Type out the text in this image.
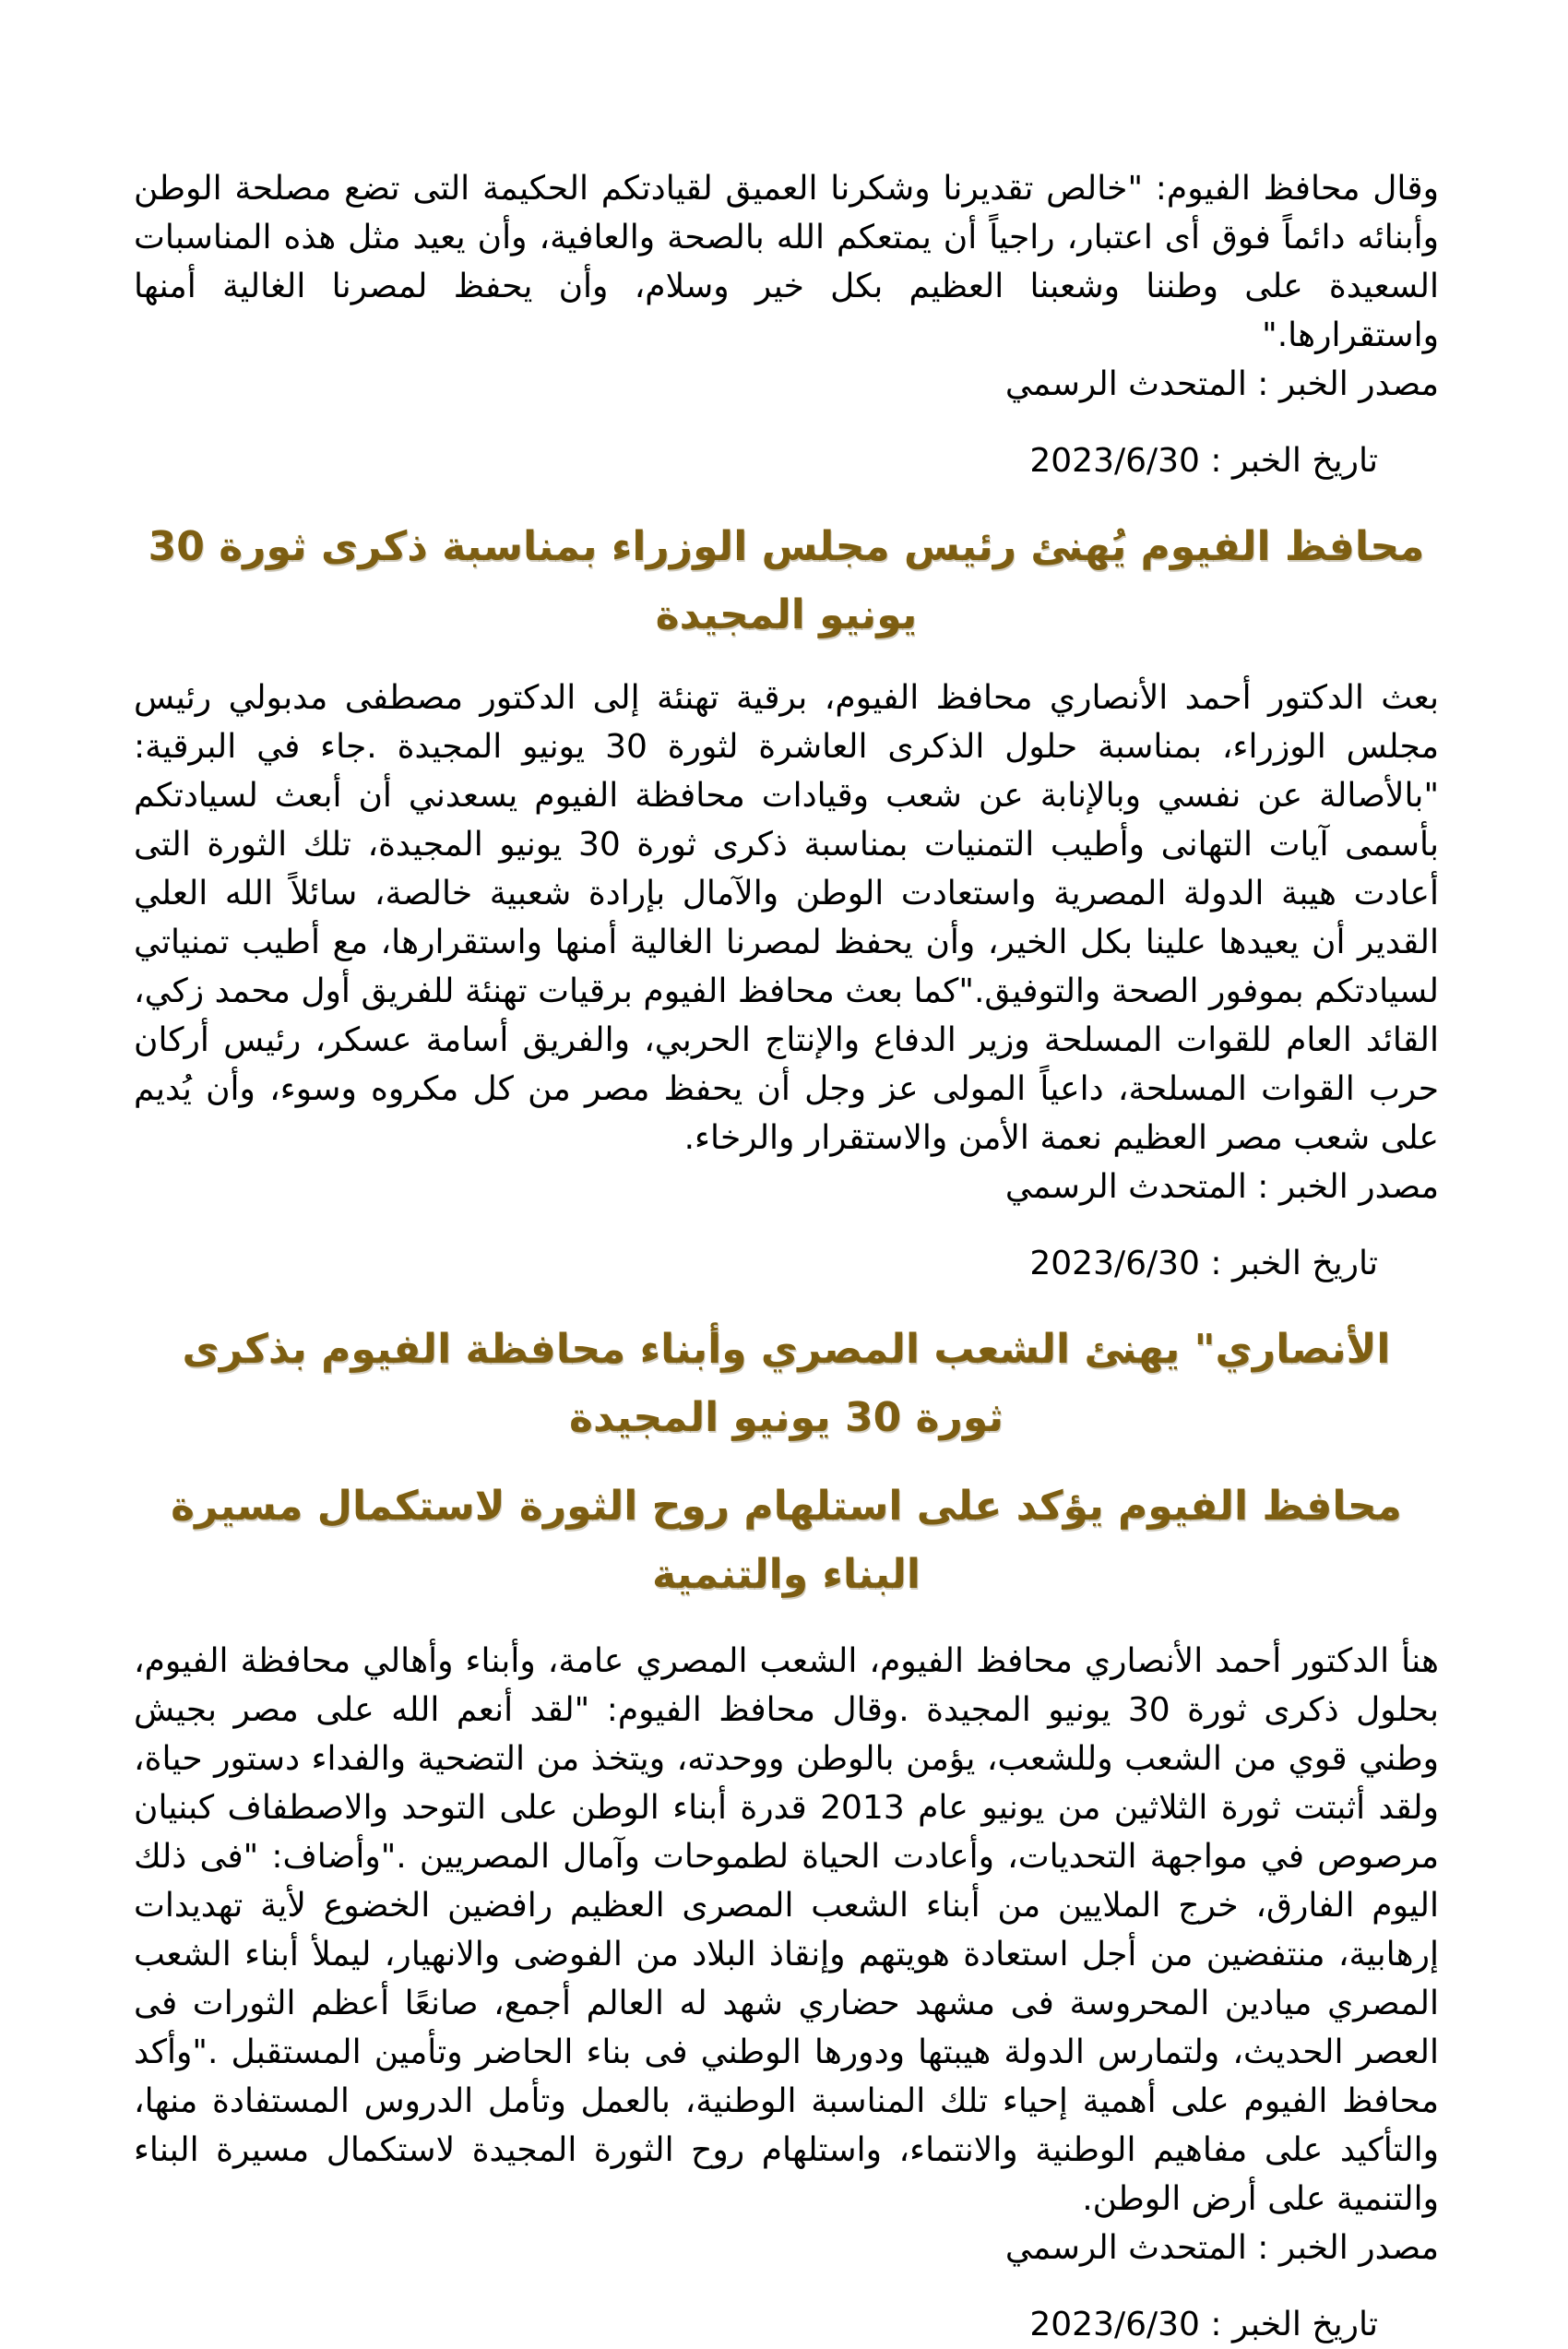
وقال محافظ الفيوم: "خالص تقديرنا وشكرنا العميق لقيادتكم الحكيمة التى تضع مصلحة الوطن وأبنائه دائماً فوق أى اعتبار، راجياً أن يمتعكم الله بالصحة والعافية، وأن يعيد مثل هذه المناسبات السعيدة على وطننا وشعبنا العظيم بكل خير وسلام، وأن يحفظ لمصرنا الغالية أمنها واستقرارها."

مصدر الخبر : المتحدث الرسمي

تاريخ الخبر : 2023/6/30

محافظ الفيوم يُهنئ رئيس مجلس الوزراء بمناسبة ذكرى ثورة 30 يونيو المجيدة

بعث الدكتور أحمد الأنصاري محافظ الفيوم، برقية تهنئة إلى الدكتور مصطفى مدبولي رئيس مجلس الوزراء، بمناسبة حلول الذكرى العاشرة لثورة 30 يونيو المجيدة .جاء في البرقية: "بالأصالة عن نفسي وبالإنابة عن شعب وقيادات محافظة الفيوم يسعدني أن أبعث لسيادتكم بأسمى آيات التهانى وأطيب التمنيات بمناسبة ذكرى ثورة 30 يونيو المجيدة، تلك الثورة التى أعادت هيبة الدولة المصرية واستعادت الوطن والآمال بإرادة شعبية خالصة، سائلاً الله العلي القدير أن يعيدها علينا بكل الخير، وأن يحفظ لمصرنا الغالية أمنها واستقرارها، مع أطيب تمنياتي لسيادتكم بموفور الصحة والتوفيق."كما بعث محافظ الفيوم برقيات تهنئة للفريق أول محمد زكي، القائد العام للقوات المسلحة وزير الدفاع والإنتاج الحربي، والفريق أسامة عسكر، رئيس أركان حرب القوات المسلحة، داعياً المولى عز وجل أن يحفظ مصر من كل مكروه وسوء، وأن يُديم على شعب مصر العظيم نعمة الأمن والاستقرار والرخاء.

مصدر الخبر : المتحدث الرسمي

تاريخ الخبر : 2023/6/30

الأنصاري" يهنئ الشعب المصري وأبناء محافظة الفيوم بذكرى ثورة 30 يونيو المجيدة
محافظ الفيوم يؤكد على استلهام روح الثورة لاستكمال مسيرة البناء والتنمية

هنأ الدكتور أحمد الأنصاري محافظ الفيوم، الشعب المصري عامة، وأبناء وأهالي محافظة الفيوم، بحلول ذكرى ثورة 30 يونيو المجيدة .وقال محافظ الفيوم: "لقد أنعم الله على مصر بجيش وطني قوي من الشعب وللشعب، يؤمن بالوطن ووحدته، ويتخذ من التضحية والفداء دستور حياة، ولقد أثبتت ثورة الثلاثين من يونيو عام 2013 قدرة أبناء الوطن على التوحد والاصطفاف كبنيان مرصوص في مواجهة التحديات، وأعادت الحياة لطموحات وآمال المصريين ."وأضاف: "فى ذلك اليوم الفارق، خرج الملايين من أبناء الشعب المصرى العظيم رافضين الخضوع لأية تهديدات إرهابية، منتفضين من أجل استعادة هويتهم وإنقاذ البلاد من الفوضى والانهيار، ليملأ أبناء الشعب المصري ميادين المحروسة فى مشهد حضاري شهد له العالم أجمع، صانعًا أعظم الثورات فى العصر الحديث، ولتمارس الدولة هيبتها ودورها الوطني فى بناء الحاضر وتأمين المستقبل ."وأكد محافظ الفيوم على أهمية إحياء تلك المناسبة الوطنية، بالعمل وتأمل الدروس المستفادة منها، والتأكيد على مفاهيم الوطنية والانتماء، واستلهام روح الثورة المجيدة لاستكمال مسيرة البناء والتنمية على أرض الوطن.

مصدر الخبر : المتحدث الرسمي

تاريخ الخبر : 2023/6/30
